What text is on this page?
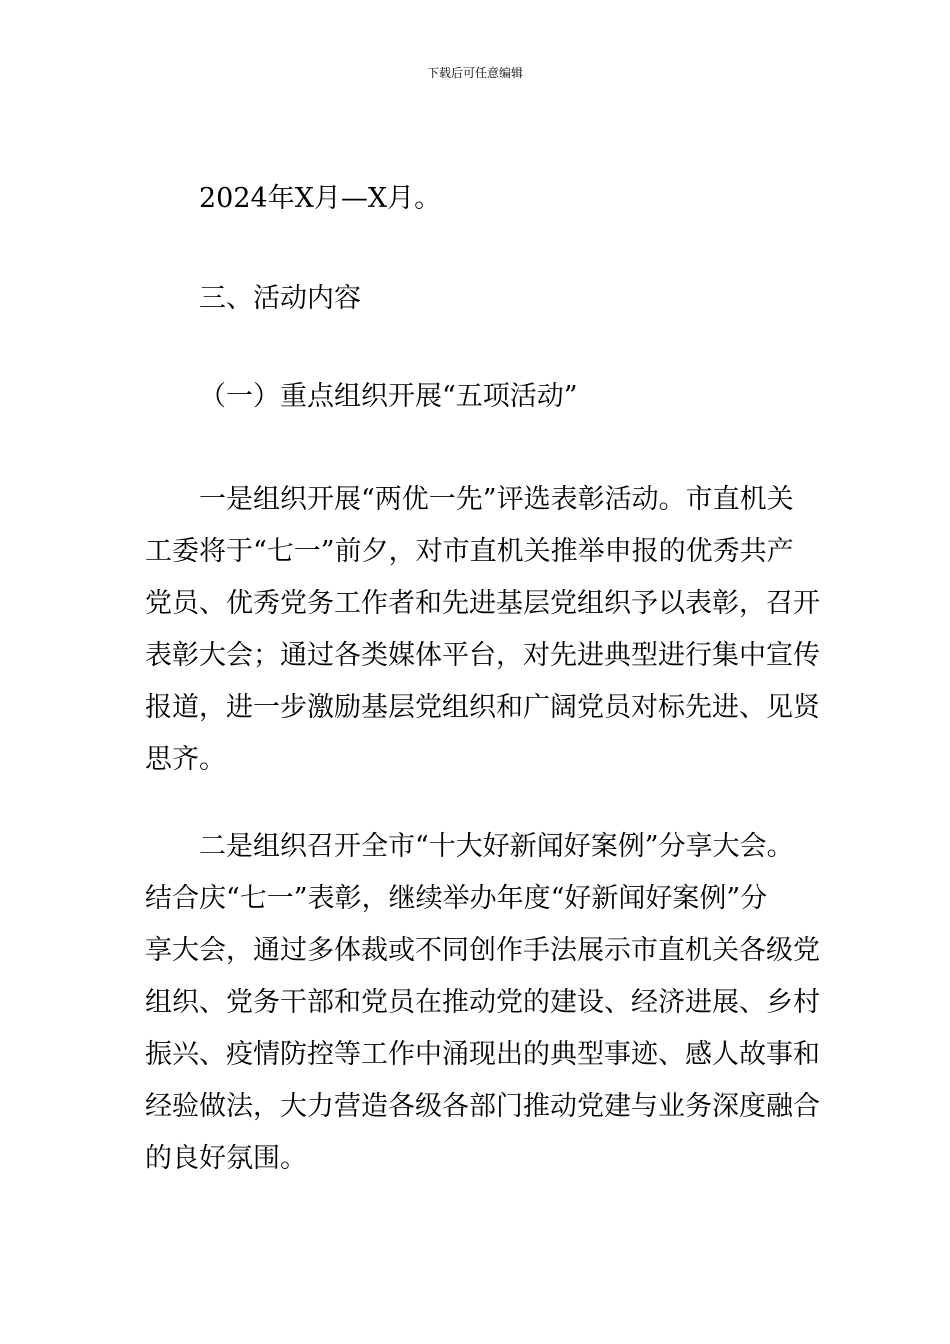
下载后可任意编辑
2024年X月—X月。
三、活动内容
（一）重点组织开展“五项活动”
一是组织开展“两优一先”评选表彰活动。市直机关
工委将于“七一”前夕，对市直机关推举申报的优秀共产
党员、优秀党务工作者和先进基层党组织予以表彰，召开
表彰大会；通过各类媒体平台，对先进典型进行集中宣传
报道，进一步激励基层党组织和广阔党员对标先进、见贤
思齐。
二是组织召开全市“十大好新闻好案例”分享大会。
结合庆“七一”表彰，继续举办年度“好新闻好案例”分
享大会，通过多体裁或不同创作手法展示市直机关各级党
组织、党务干部和党员在推动党的建设、经济进展、乡村
振兴、疫情防控等工作中涌现出的典型事迹、感人故事和
经验做法，大力营造各级各部门推动党建与业务深度融合
的良好氛围。
